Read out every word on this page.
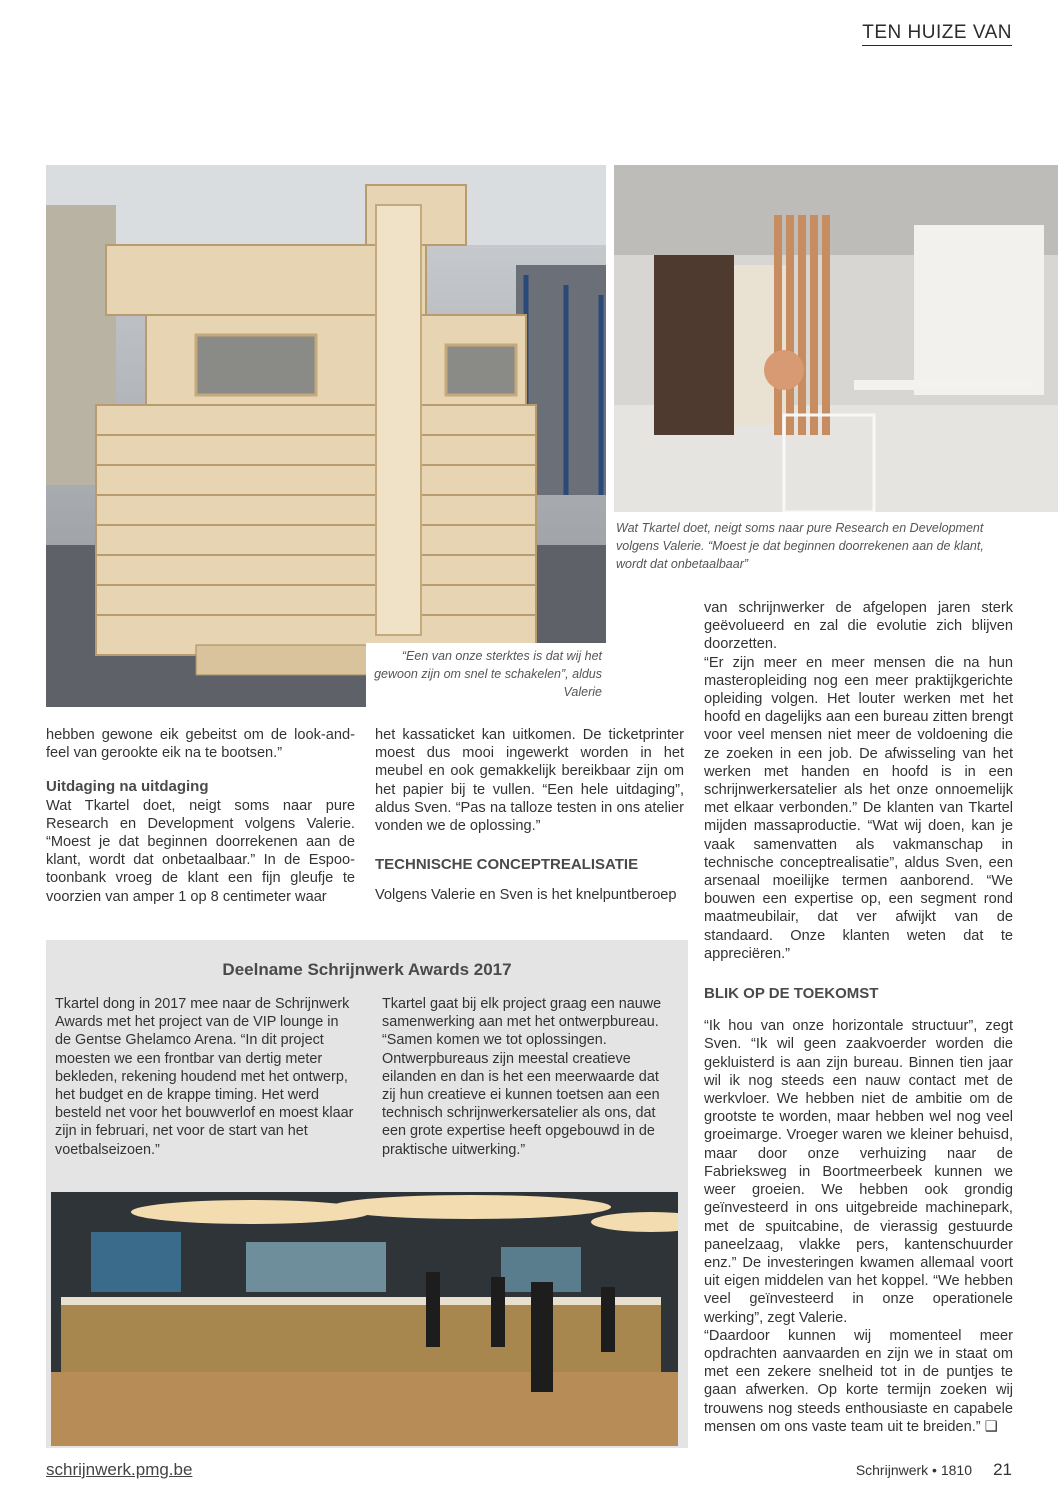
TEN HUIZE VAN
“Een van onze sterktes is dat wij het gewoon zijn om snel te schakelen”, aldus Valerie
Wat Tkartel doet, neigt soms naar pure Research en Development volgens Valerie. “Moest je dat beginnen doorrekenen aan de klant, wordt dat onbetaalbaar”

hebben gewone eik gebeitst om de look-and-feel van gerookte eik na te bootsen.”

Uitdaging na uitdaging

Wat Tkartel doet, neigt soms naar pure Research en Development volgens Valerie. “Moest je dat beginnen doorrekenen aan de klant, wordt dat onbetaalbaar.” In de Espoo-toonbank vroeg de klant een fijn gleufje te voorzien van amper 1 op 8 centimeter waar

het kassaticket kan uitkomen. De ticketprinter moest dus mooi ingewerkt worden in het meubel en ook gemakkelijk bereikbaar zijn om het papier bij te vullen. “Een hele uitdaging”, aldus Sven. “Pas na talloze testen in ons atelier vonden we de oplossing.”

TECHNISCHE CONCEPTREALISATIE

Volgens Valerie en Sven is het knelpuntberoep

van schrijnwerker de afgelopen jaren sterk geëvolueerd en zal die evolutie zich blijven doorzetten.

“Er zijn meer en meer mensen die na hun masteropleiding nog een meer praktijkgerichte opleiding volgen. Het louter werken met het hoofd en dagelijks aan een bureau zitten brengt voor veel mensen niet meer de voldoening die ze zoeken in een job. De afwisseling van het werken met handen en hoofd is in een schrijnwerkersatelier als het onze onnoemelijk met elkaar verbonden.” De klanten van Tkartel mijden massaproductie. “Wat wij doen, kan je vaak samenvatten als vakmanschap in technische conceptrealisatie”, aldus Sven, een arsenaal moeilijke termen aanborend. “We bouwen een expertise op, een segment rond maatmeubilair, dat ver afwijkt van de standaard. Onze klanten weten dat te appreciëren.”

BLIK OP DE TOEKOMST

“Ik hou van onze horizontale structuur”, zegt Sven. “Ik wil geen zaakvoerder worden die gekluisterd is aan zijn bureau. Binnen tien jaar wil ik nog steeds een nauw contact met de werkvloer. We hebben niet de ambitie om de grootste te worden, maar hebben wel nog veel groeimarge. Vroeger waren we kleiner behuisd, maar door onze verhuizing naar de Fabrieksweg in Boortmeerbeek kunnen we weer groeien. We hebben ook grondig geïnvesteerd in ons uitgebreide machinepark, met de spuitcabine, de vierassig gestuurde paneelzaag, vlakke pers, kantenschuurder enz.” De investeringen kwamen allemaal voort uit eigen middelen van het koppel. “We hebben veel geïnvesteerd in onze operationele werking”, zegt Valerie.

“Daardoor kunnen wij momenteel meer opdrachten aanvaarden en zijn we in staat om met een zekere snelheid tot in de puntjes te gaan afwerken. Op korte termijn zoeken wij trouwens nog steeds enthousiaste en capabele mensen om ons vaste team uit te breiden.” ❑

Deelname Schrijnwerk Awards 2017
Tkartel dong in 2017 mee naar de Schrijnwerk Awards met het project van de VIP lounge in de Gentse Ghelamco Arena. “In dit project moesten we een frontbar van dertig meter bekleden, rekening houdend met het ontwerp, het budget en de krappe timing. Het werd besteld net voor het bouwverlof en moest klaar zijn in februari, net voor de start van het voetbalseizoen.”
Tkartel gaat bij elk project graag een nauwe samenwerking aan met het ontwerpbureau. “Samen komen we tot oplossingen. Ontwerpbureaus zijn meestal creatieve eilanden en dan is het een meerwaarde dat zij hun creatieve ei kunnen toetsen aan een technisch schrijnwerkersatelier als ons, dat een grote expertise heeft opgebouwd in de praktische uitwerking.”
schrijnwerk.pmg.be	Schrijnwerk • 1810 21
